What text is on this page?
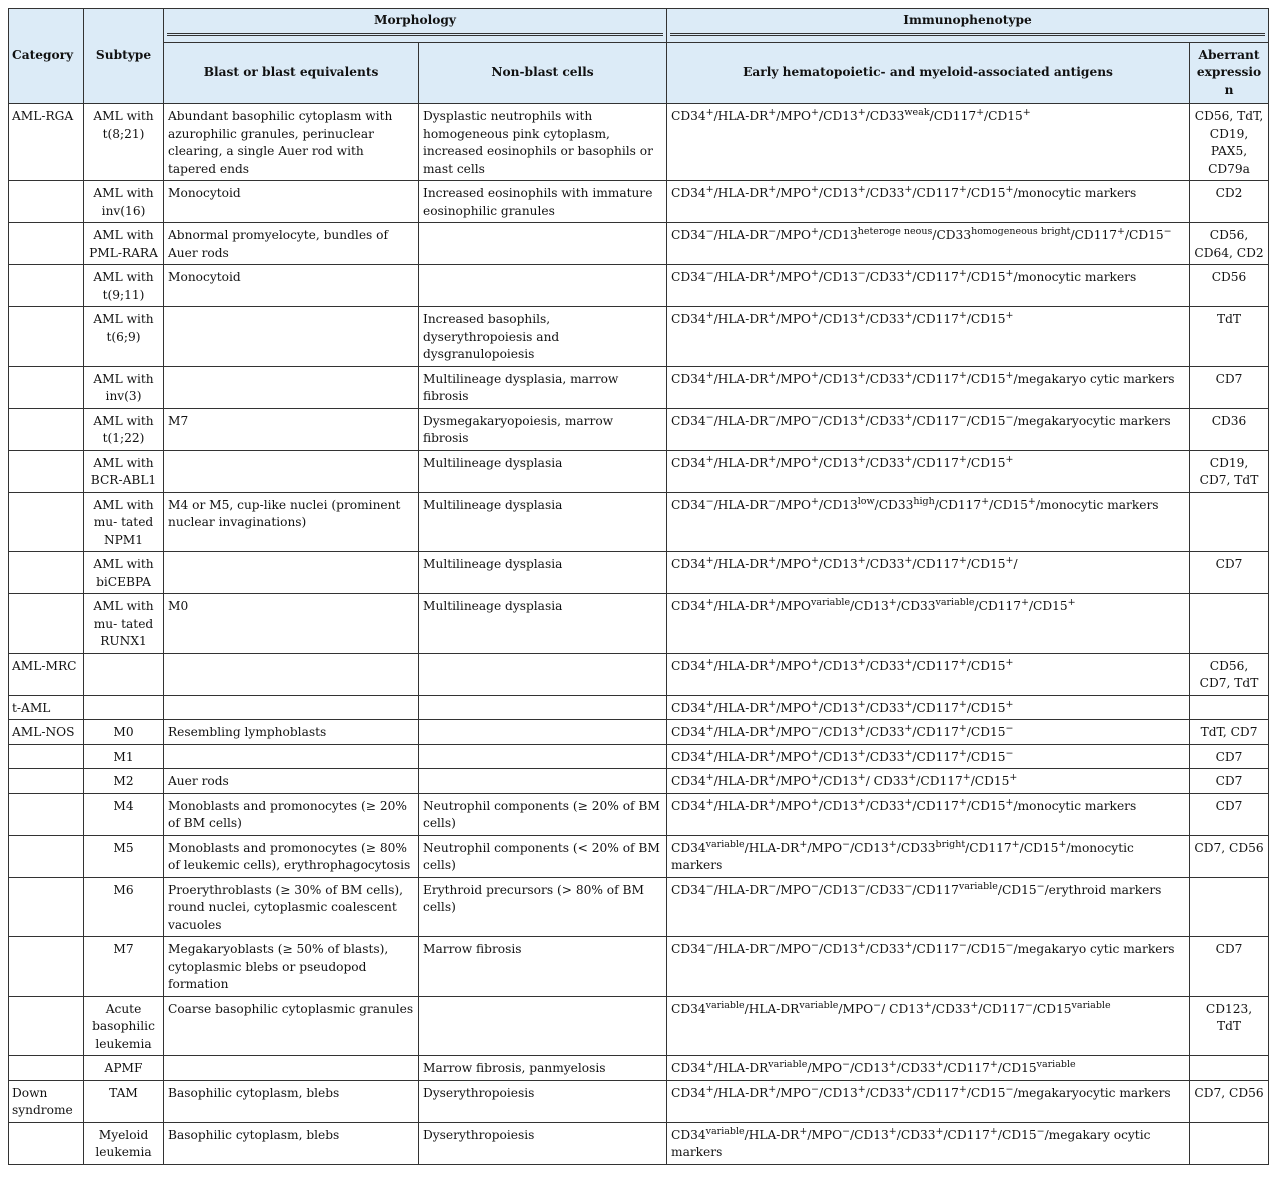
Category	Subtype	Morphology		Immunophenotype	

		Blast or blast equivalents	Non-blast cells	Early hematopoietic- and myeloid-associated antigens	Aberrant expression
AML-RGA	AML with t(8;21)	Abundant basophilic cytoplasm with azurophilic granules, perinuclear clearing, a single Auer rod with tapered ends	Dysplastic neutrophils with homogeneous pink cytoplasm, increased eosinophils or basophils or mast cells	$CD34^+/HLA-DR^+/MPO^+/CD13^+/CD33^{weak}/CD117^+/CD15^+$	CD56, TdT, CD19, PAX5, CD79a
	AML with inv(16)	Monocytoid	Increased eosinophils with immature eosinophilic granules	CD34+/HLA-DR+/MPO+/CD13+/CD33+/CD117+/CD15+/monocytic markers	CD2
	AML with PML-RARA	Abnormal promyelocyte, bundles of Auer rods		$CD34^-/HLA-DR^-/MPO^+/CD13^{heteroge neous}/CD33^{homogeneous bright}/CD117^+/CD15^-$	CD56, CD64, CD2
	AML with t(9;11)	Monocytoid		CD34−/HLA-DR+/MPO+/CD13−/CD33+/CD117+/CD15+/monocytic markers	CD56
	AML with t(6;9)		Increased basophils, dyserythropoiesis and dysgranulopoiesis	CD34+/HLA-DR+/MPO+/CD13+/CD33+/CD117+/CD15+	TdT
	AML with inv(3)		Multilineage dysplasia, marrow fibrosis	CD34+/HLA-DR+/MPO+/CD13+/CD33+/CD117+/CD15+/megakaryo cytic markers	CD7
	AML with t(1;22)	M7	Dysmegakaryopoiesis, marrow fibrosis	CD34−/HLA-DR−/MPO−/CD13+/CD33+/CD117−/CD15−/megakaryocytic markers	CD36
	AML with BCR-ABL1		Multilineage dysplasia	CD34+/HLA-DR+/MPO+/CD13+/CD33+/CD117+/CD15+	CD19, CD7, TdT
	AML with mu- tated NPM1	M4 or M5, cup-like nuclei (prominent nuclear invaginations)	Multilineage dysplasia	$CD34^-/HLA-DR^-/MPO^+/CD13^{low}/CD33^{high}/CD117^+/CD15^+$/monocytic markers	
	AML with biCEBPA		Multilineage dysplasia	CD34+/HLA-DR+/MPO+/CD13+/CD33+/CD117+/CD15+/	CD7
	AML with mu- tated RUNX1	M0	Multilineage dysplasia	$CD34^+/HLA-DR^+/MPO^{variable}/CD13^+/CD33^{variable}/CD117^+/CD15^+$	
AML-MRC				CD34+/HLA-DR+/MPO+/CD13+/CD33+/CD117+/CD15+	CD56, CD7, TdT
t-AML				CD34+/HLA-DR+/MPO+/CD13+/CD33+/CD117+/CD15+	
AML-NOS	M0	Resembling lymphoblasts		CD34+/HLA-DR+/MPO−/CD13+/CD33+/CD117+/CD15−	TdT, CD7
	M1			CD34+/HLA-DR+/MPO+/CD13+/CD33+/CD117+/CD15−	CD7
	M2	Auer rods		CD34+/HLA-DR+/MPO+/CD13+/ CD33+/CD117+/CD15+	CD7
	M4	Monoblasts and promonocytes (≥ 20% of BM cells)	Neutrophil components (≥ 20% of BM cells)	CD34+/HLA-DR+/MPO+/CD13+/CD33+/CD117+/CD15+/monocytic markers	CD7
	M5	Monoblasts and promonocytes (≥ 80% of leukemic cells), erythrophagocytosis	Neutrophil components (< 20% of BM cells)	$CD34^{variable}/HLA-DR^+/MPO^-/CD13^+/CD33^{bright}/CD117^+/CD15^+$/monocytic markers	CD7, CD56
	M6	Proerythroblasts (≥ 30% of BM cells), round nuclei, cytoplasmic coalescent vacuoles	Erythroid precursors (> 80% of BM cells)	$CD34^-/HLA-DR^-/MPO^-/CD13^-/CD33^-/CD117^{variable}/CD15^-$/erythroid markers	
	M7	Megakaryoblasts (≥ 50% of blasts), cytoplasmic blebs or pseudopod formation	Marrow fibrosis	CD34−/HLA-DR−/MPO−/CD13+/CD33+/CD117−/CD15−/megakaryo cytic markers	CD7
	Acute basophilic leukemia	Coarse basophilic cytoplasmic granules		$CD34^{variable}/HLA-DR^{variable}/MPO^-/$ $CD13^+/CD33^+/CD117^-/CD15^{variable}$	CD123, TdT
	APMF		Marrow fibrosis, panmyelosis	$CD34^+/HLA-DR^{variable}/MPO^-/CD13^+/CD33^+/CD117^+/CD15^{variable}$	
Down syndrome	TAM	Basophilic cytoplasm, blebs	Dyserythropoiesis	CD34+/HLA-DR+/MPO−/CD13+/CD33+/CD117+/CD15−/megakaryocytic markers	CD7, CD56
	Myeloid leukemia	Basophilic cytoplasm, blebs	Dyserythropoiesis	$CD34^{variable}/HLA-DR^+/MPO^-/CD13^+/CD33^+/CD117^+/CD15^-$/megakary ocytic markers	
